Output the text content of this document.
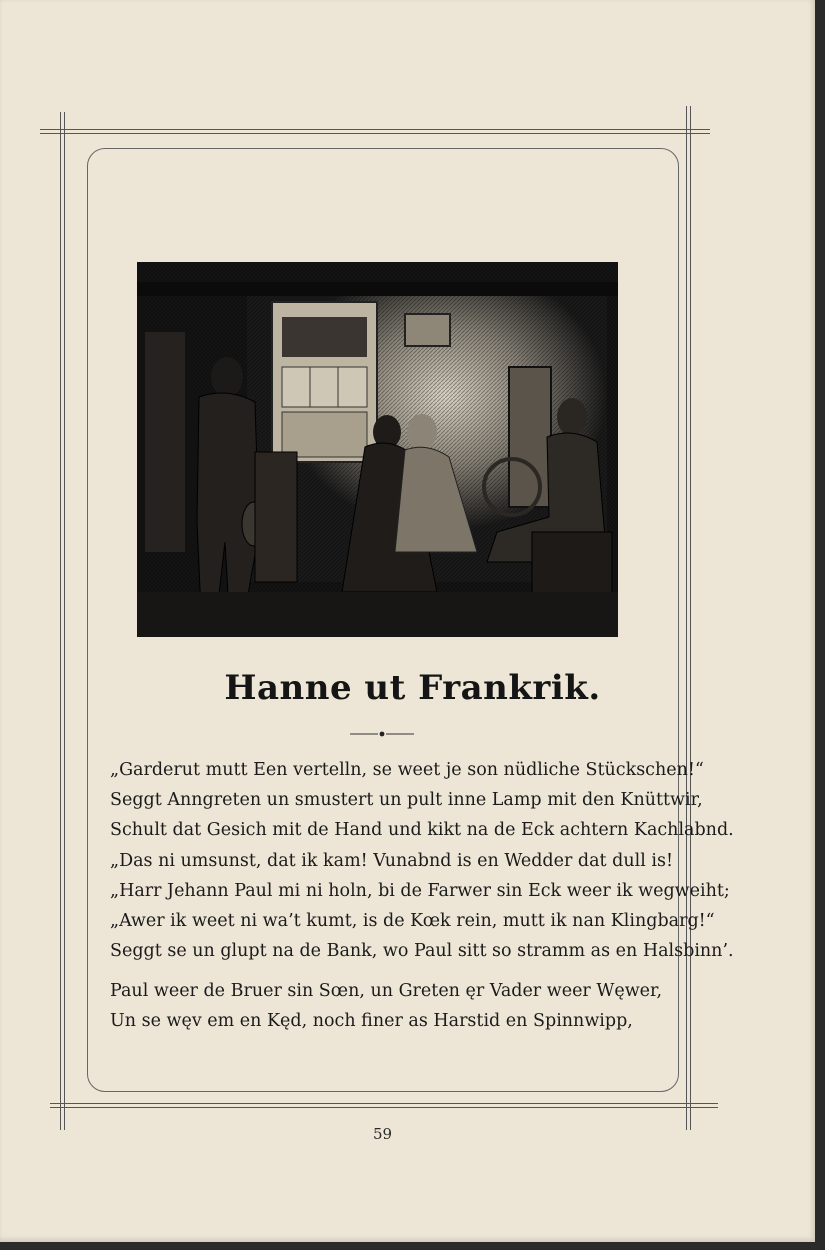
Hanne ut Frankrik.
„Garderut mutt Een vertelln, se weet je son nüdliche Stückschen!“
Seggt Anngreten un smustert un pult inne Lamp mit den Knüttwir,
Schult dat Gesich mit de Hand und kikt na de Eck achtern Kachlabnd.
„Das ni umsunst, dat ik kam! Vunabnd is en Wedder dat dull is!
„Harr Jehann Paul mi ni holn, bi de Farwer sin Eck weer ik wegweiht;
„Awer ik weet ni wa’t kumt, is de Kœk rein, mutt ik nan Klingbarg!“
Seggt se un glupt na de Bank, wo Paul sitt so stramm as en Halsbinn’.
Paul weer de Bruer sin Sœn, un Greten ęr Vader weer Węwer,
Un se węv em en Kęd, noch finer as Harstid en Spinnwipp,
59
